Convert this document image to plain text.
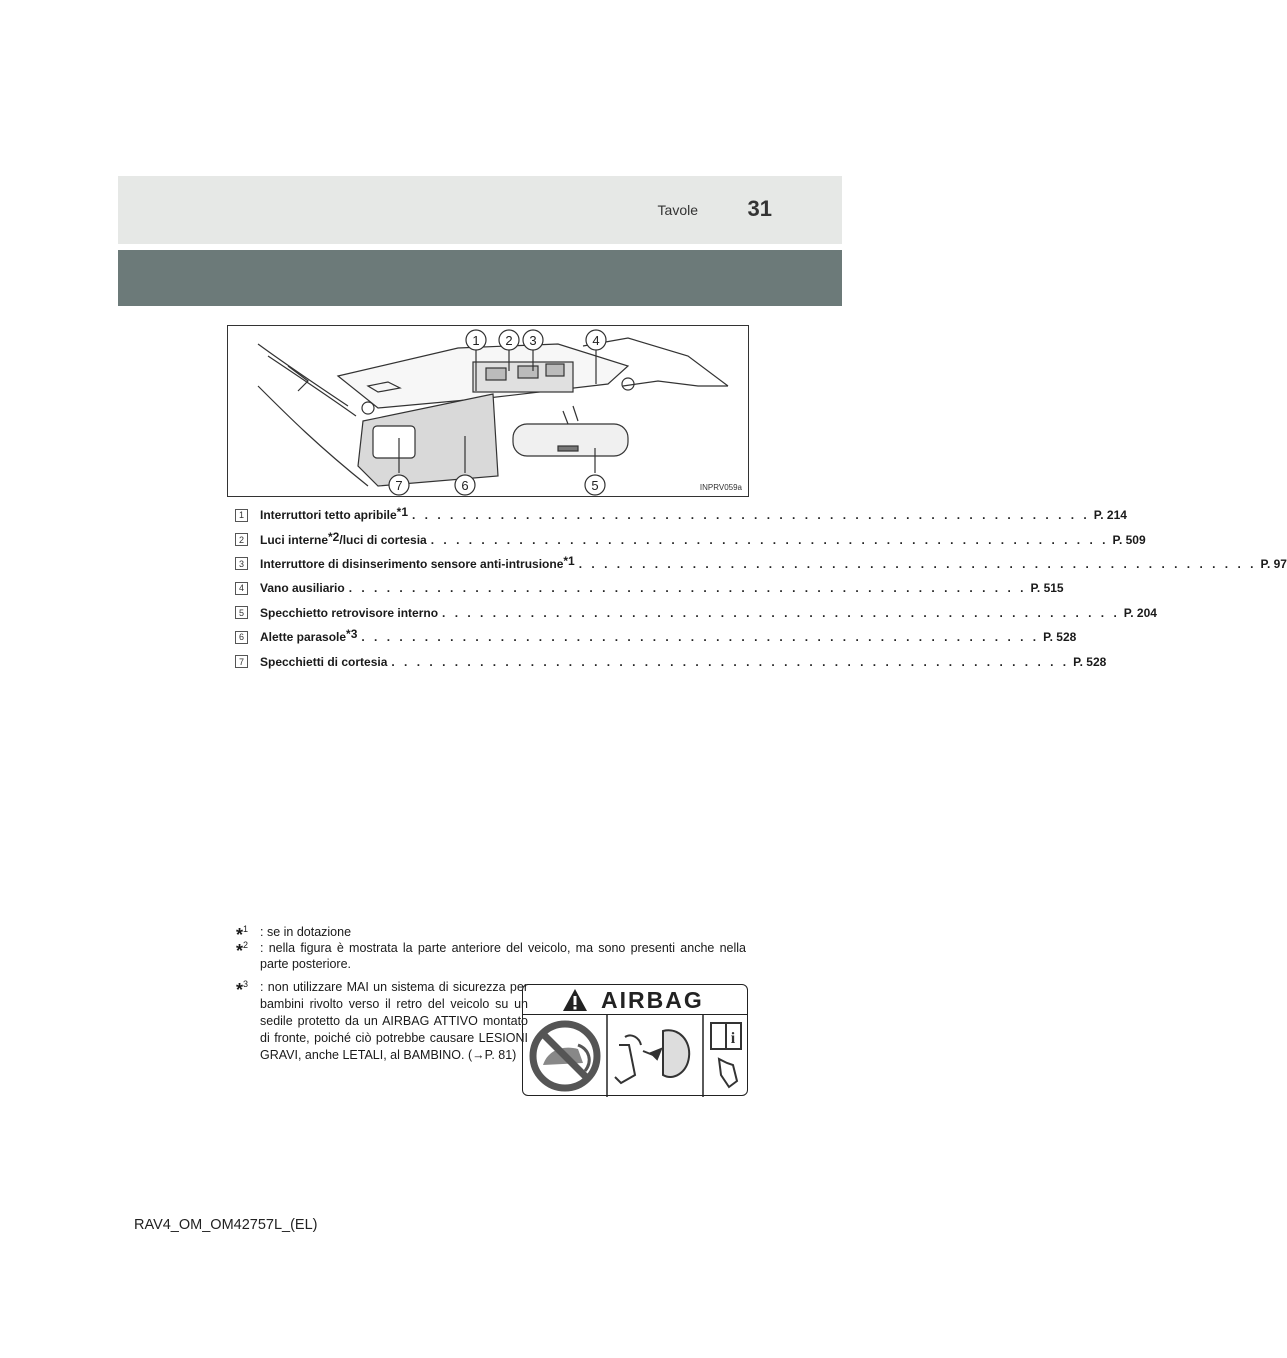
Tavole 31
1 2 3	4
5
6
7	INPRV059a
1	Interruttori tetto apribile$^{*1}$ . . . . . . . . . . . . . . . . . . . . . . . . . . . . . . . . . . . . . . . . . . . . . . . . . . . . . . P. 214
2	Luci interne$^{*2}$/luci di cortesia . . . . . . . . . . . . . . . . . . . . . . . . . . . . . . . . . . . . . . . . . . . . . . . . . . . . . . P. 509
3	Interruttore di disinserimento sensore anti-intrusione$^{*1}$ . . . . . . . . . . . . . . . . . . . . . . . . . . . . . . . . . . . . . . . . . . . . . . . . . . . . . . P. 97
4	Vano ausiliario . . . . . . . . . . . . . . . . . . . . . . . . . . . . . . . . . . . . . . . . . . . . . . . . . . . . . . P. 515
5	Specchietto retrovisore interno . . . . . . . . . . . . . . . . . . . . . . . . . . . . . . . . . . . . . . . . . . . . . . . . . . . . . . P. 204
6	Alette parasole$^{*3}$ . . . . . . . . . . . . . . . . . . . . . . . . . . . . . . . . . . . . . . . . . . . . . . . . . . . . . . P. 528
7	Specchietti di cortesia . . . . . . . . . . . . . . . . . . . . . . . . . . . . . . . . . . . . . . . . . . . . . . . . . . . . . . P. 528
*$^1$ : se in dotazione
*$^2$ : nella figura è mostrata la parte anteriore del veicolo, ma sono presenti anche nella parte posteriore.
*$^3$ : non utilizzare MAI un sistema di sicurezza per bambini rivolto verso il retro del veicolo su un sedile protetto da un AIRBAG ATTIVO montato di fronte, poiché ciò potrebbe causare LESIONI GRAVI, anche LETALI, al BAMBINO. (→P. 81)
AIRBAG
i
RAV4_OM_OM42757L_(EL)
